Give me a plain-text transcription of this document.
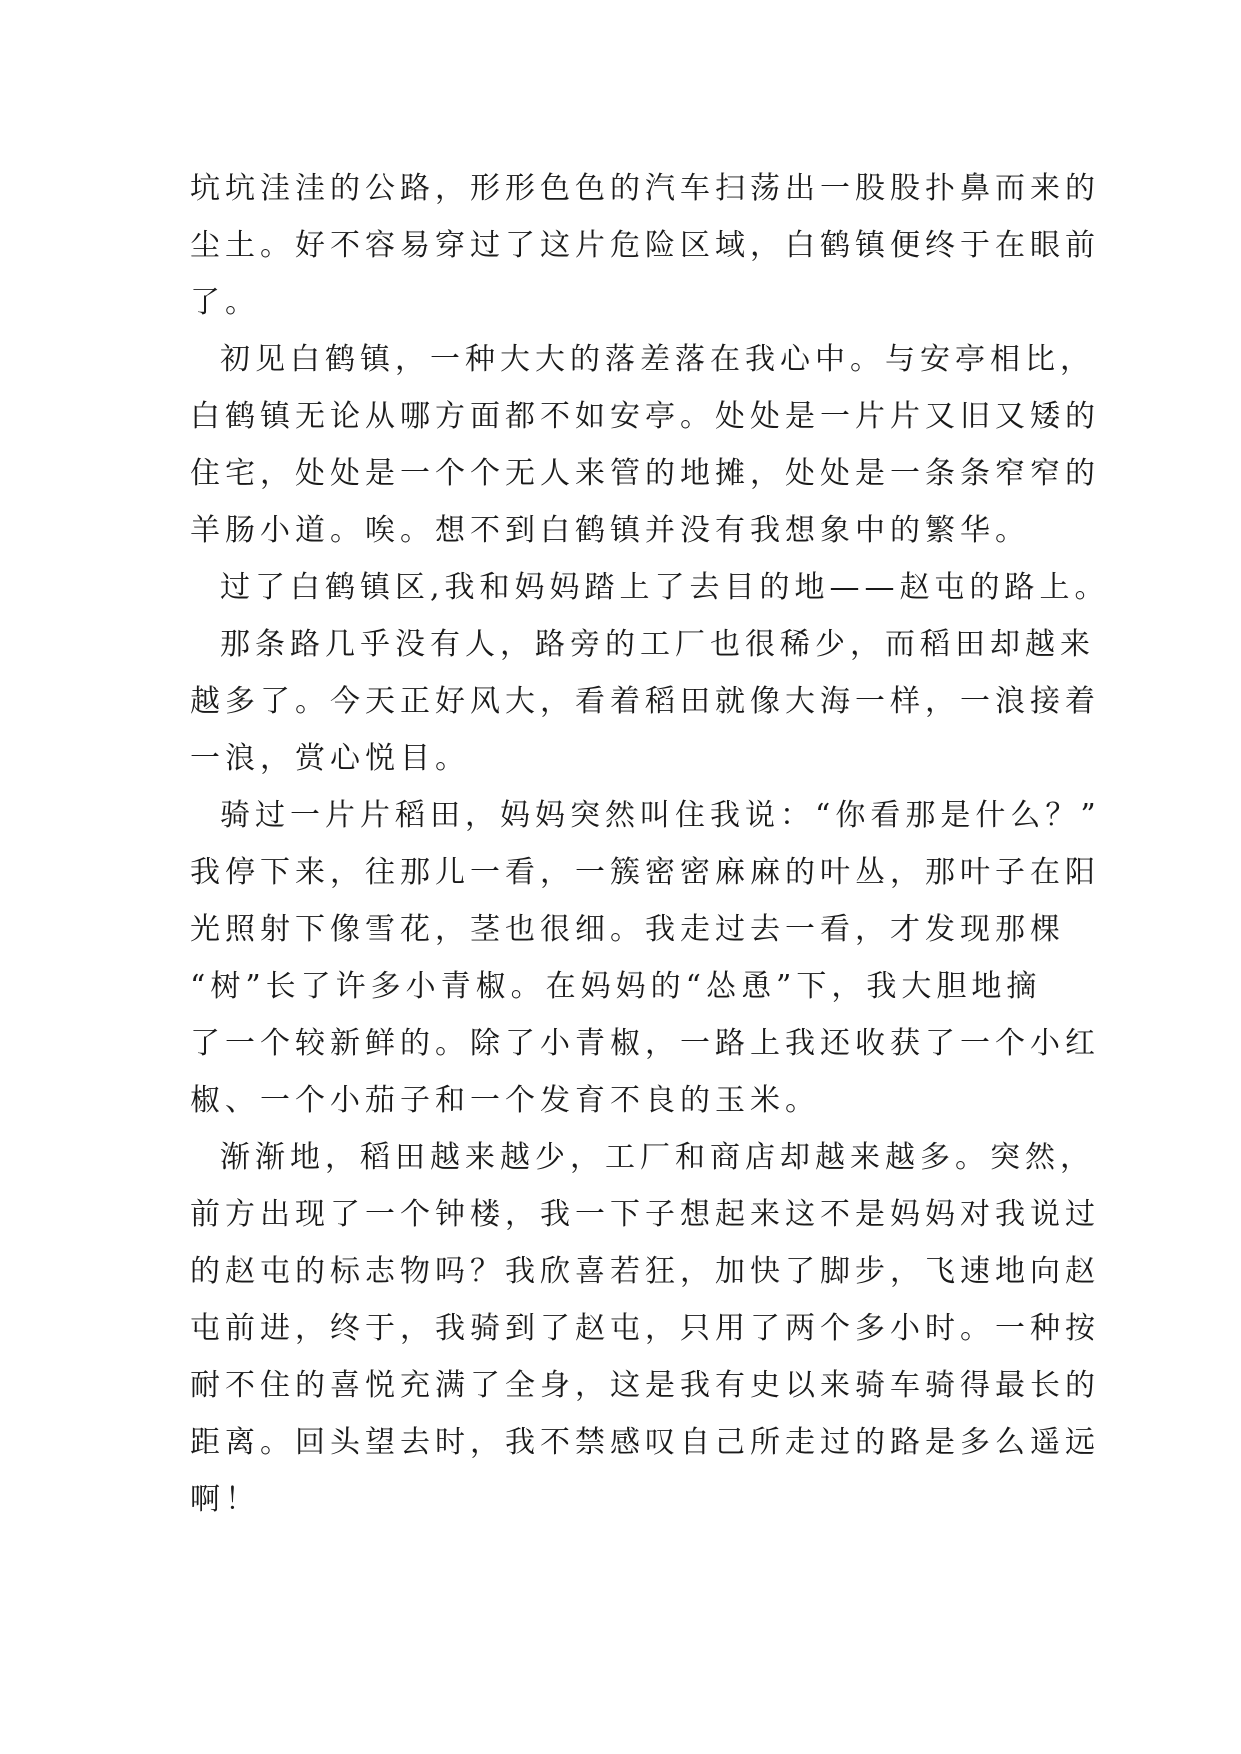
坑坑洼洼的公路，形形色色的汽车扫荡出一股股扑鼻而来的
尘土。好不容易穿过了这片危险区域，白鹤镇便终于在眼前
了。
初见白鹤镇，一种大大的落差落在我心中。与安亭相比，
白鹤镇无论从哪方面都不如安亭。处处是一片片又旧又矮的
住宅，处处是一个个无人来管的地摊，处处是一条条窄窄的
羊肠小道。唉。想不到白鹤镇并没有我想象中的繁华。
过了白鹤镇区,我和妈妈踏上了去目的地——赵屯的路上。
那条路几乎没有人，路旁的工厂也很稀少，而稻田却越来
越多了。今天正好风大，看着稻田就像大海一样，一浪接着
一浪，赏心悦目。
骑过一片片稻田，妈妈突然叫住我说：“你看那是什么？”
我停下来，往那儿一看，一簇密密麻麻的叶丛，那叶子在阳
光照射下像雪花，茎也很细。我走过去一看，才发现那棵
“树”长了许多小青椒。在妈妈的“怂恿”下，我大胆地摘
了一个较新鲜的。除了小青椒，一路上我还收获了一个小红
椒、一个小茄子和一个发育不良的玉米。
渐渐地，稻田越来越少，工厂和商店却越来越多。突然，
前方出现了一个钟楼，我一下子想起来这不是妈妈对我说过
的赵屯的标志物吗？我欣喜若狂，加快了脚步，飞速地向赵
屯前进，终于，我骑到了赵屯，只用了两个多小时。一种按
耐不住的喜悦充满了全身，这是我有史以来骑车骑得最长的
距离。回头望去时，我不禁感叹自己所走过的路是多么遥远
啊！
